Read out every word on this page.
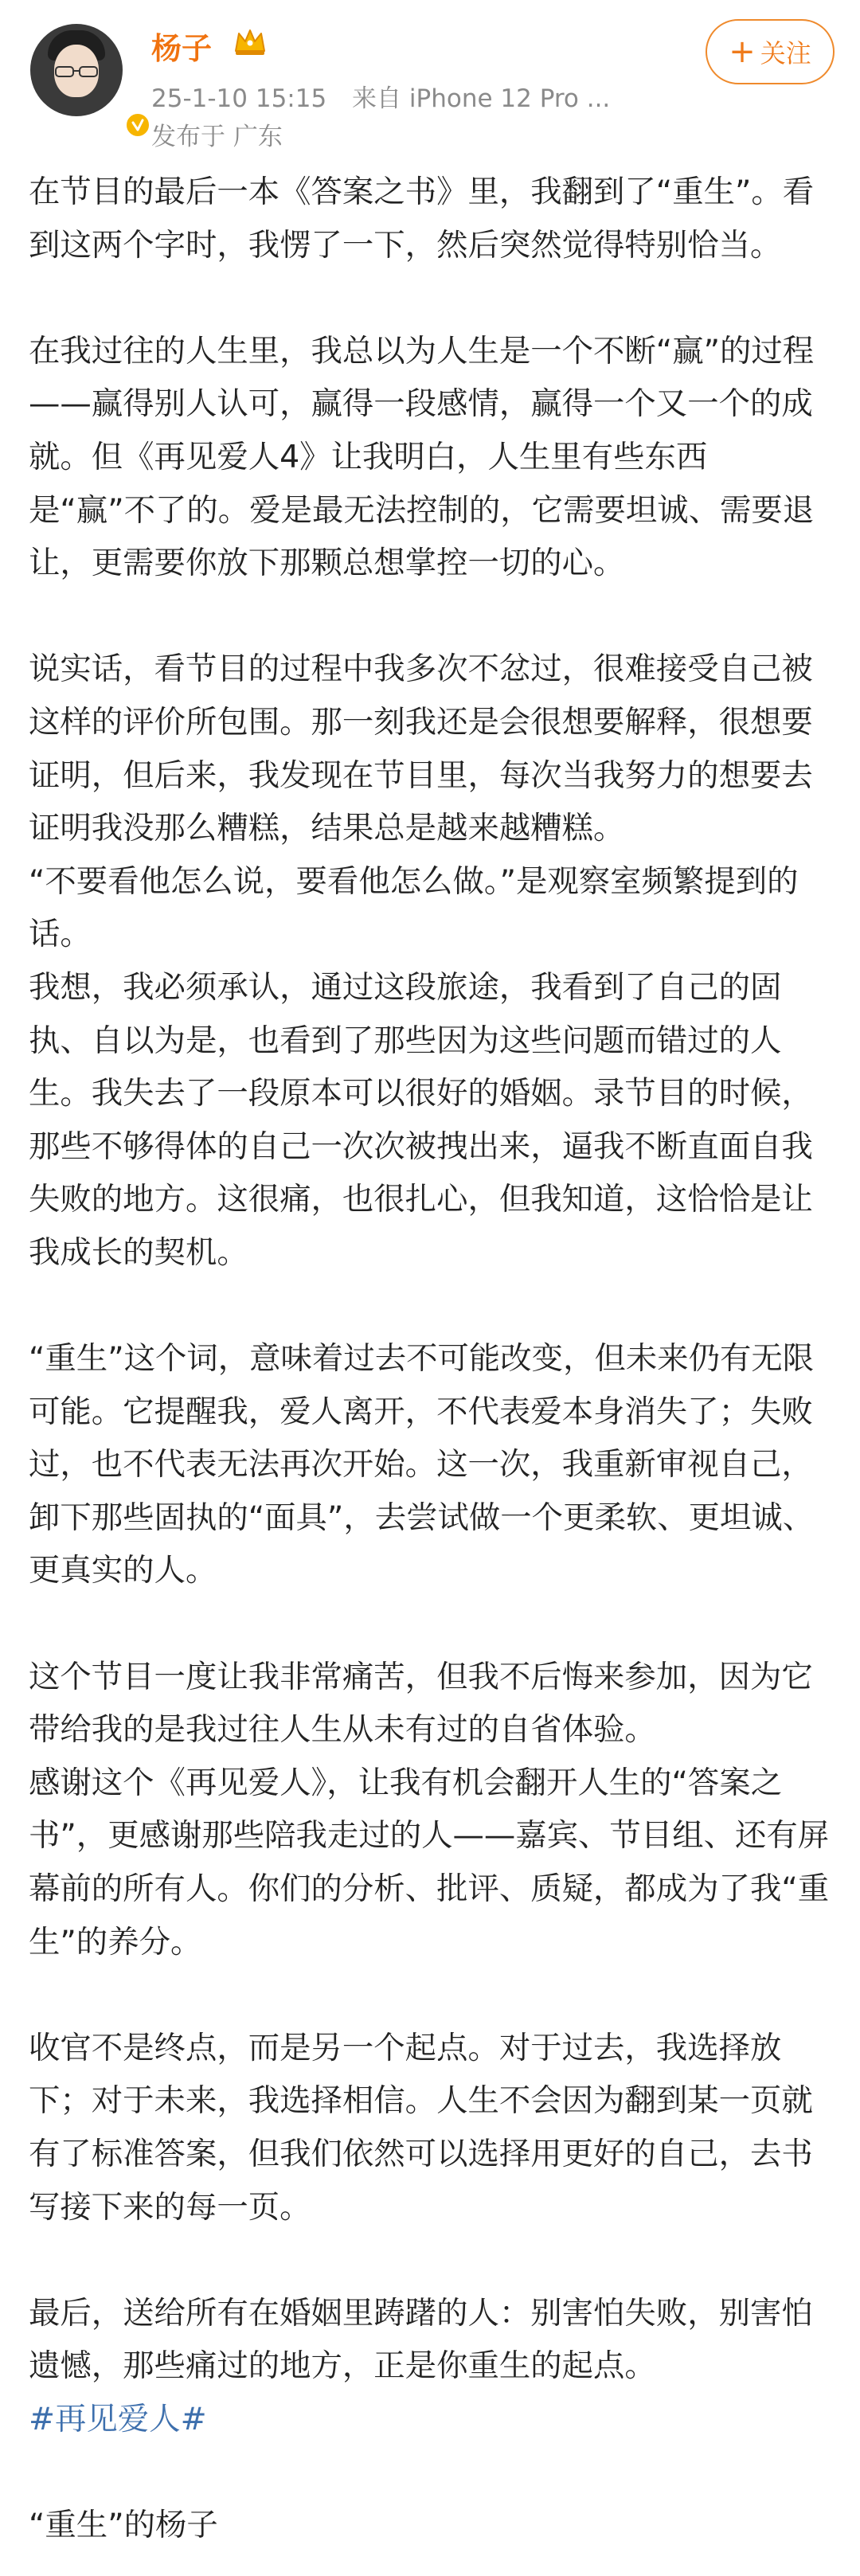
杨子
25-1-10 15:15 来自 iPhone 12 Pro ...
发布于 广东
+ 关注

在节目的最后一本《答案之书》里，我翻到了“重生”。看到这两个字时，我愣了一下，然后突然觉得特别恰当。

在我过往的人生里，我总以为人生是一个不断“赢”的过程——赢得别人认可，赢得一段感情，赢得一个又一个的成就。但《再见爱人4》让我明白，人生里有些东西是“赢”不了的。爱是最无法控制的，它需要坦诚、需要退让，更需要你放下那颗总想掌控一切的心。

说实话，看节目的过程中我多次不忿过，很难接受自己被这样的评价所包围。那一刻我还是会很想要解释，很想要证明，但后来，我发现在节目里，每次当我努力的想要去证明我没那么糟糕，结果总是越来越糟糕。

“不要看他怎么说，要看他怎么做。”是观察室频繁提到的话。

我想，我必须承认，通过这段旅途，我看到了自己的固执、自以为是，也看到了那些因为这些问题而错过的人生。我失去了一段原本可以很好的婚姻。录节目的时候，那些不够得体的自己一次次被拽出来，逼我不断直面自我失败的地方。这很痛，也很扎心，但我知道，这恰恰是让我成长的契机。

“重生”这个词，意味着过去不可能改变，但未来仍有无限可能。它提醒我，爱人离开，不代表爱本身消失了；失败过，也不代表无法再次开始。这一次，我重新审视自己，卸下那些固执的“面具”，去尝试做一个更柔软、更坦诚、更真实的人。

这个节目一度让我非常痛苦，但我不后悔来参加，因为它带给我的是我过往人生从未有过的自省体验。

感谢这个《再见爱人》，让我有机会翻开人生的“答案之书”，更感谢那些陪我走过的人——嘉宾、节目组、还有屏幕前的所有人。你们的分析、批评、质疑，都成为了我“重生”的养分。

收官不是终点，而是另一个起点。对于过去，我选择放下；对于未来，我选择相信。人生不会因为翻到某一页就有了标准答案，但我们依然可以选择用更好的自己，去书写接下来的每一页。

最后，送给所有在婚姻里踌躇的人：别害怕失败，别害怕遗憾，那些痛过的地方，正是你重生的起点。

#再见爱人#

“重生”的杨子
